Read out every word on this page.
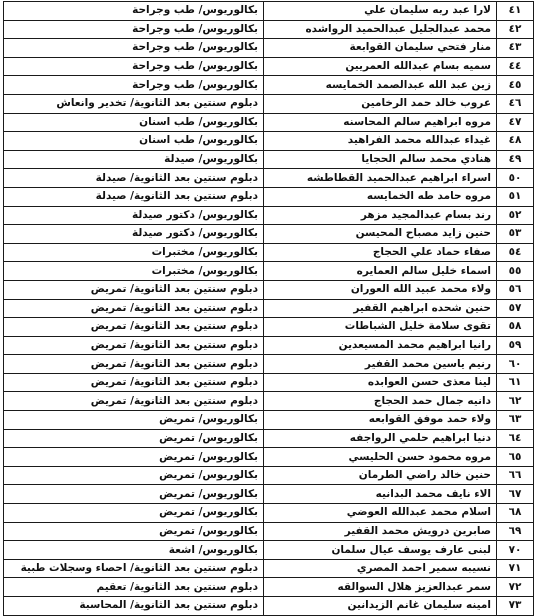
٤١	لارا عبد ربه سليمان علي	بكالوريوس/ طب وجراحة
٤٢	محمد عبدالجليل عبدالحميد الرواشده	بكالوريوس/ طب وجراحة
٤٣	منار فتحي سليمان القوابعة	بكالوريوس/ طب وجراحة
٤٤	سميه بسام عبدالله العمريين	بكالوريوس/ طب وجراحة
٤٥	زين عبد الله عبدالصمد الخمايسه	بكالوريوس/ طب وجراحة
٤٦	عروب خالد حمد الرخامين	دبلوم سنتين بعد الثانوية/ تخدير وانعاش
٤٧	مروه ابراهيم سالم المحاسنه	بكالوريوس/ طب اسنان
٤٨	غيداء عبدالله محمد الفراهيد	بكالوريوس/ طب اسنان
٤٩	هنادي محمد سالم الحجايا	بكالوريوس/ صيدلة
٥٠	اسراء ابراهيم عبدالحميد القطاطشه	دبلوم سنتين بعد الثانوية/ صيدلة
٥١	مروه حامد طه الخمايسه	دبلوم سنتين بعد الثانوية/ صيدلة
٥٢	رند بسام عبدالمجيد مزهر	بكالوريوس/ دكتور صيدلة
٥٣	حنين زايد مصباح المحيسن	بكالوريوس/ دكتور صيدلة
٥٤	صفاء حماد علي الحجاج	بكالوريوس/ مختبرات
٥٥	اسماء خليل سالم العمايره	بكالوريوس/ مختبرات
٥٦	ولاء محمد عبيد الله العوران	دبلوم سنتين بعد الثانوية/ تمريض
٥٧	حنين شحده ابراهيم القفير	دبلوم سنتين بعد الثانوية/ تمريض
٥٨	تقوى سلامة خليل الشباطات	دبلوم سنتين بعد الثانوية/ تمريض
٥٩	رانيا ابراهيم محمد المسيعدين	دبلوم سنتين بعد الثانوية/ تمريض
٦٠	رنيم ياسين محمد القفير	دبلوم سنتين بعد الثانوية/ تمريض
٦١	لينا معذى حسن العوابده	دبلوم سنتين بعد الثانوية/ تمريض
٦٢	دانيه جمال حمد الحجاج	دبلوم سنتين بعد الثانوية/ تمريض
٦٣	ولاء حمد موفق القوابعه	بكالوريوس/ تمريض
٦٤	دنيا ابراهيم حلمي الرواجفه	بكالوريوس/ تمريض
٦٥	مروه محمود حسن الحليسي	بكالوريوس/ تمريض
٦٦	حنين خالد راضي الطرمان	بكالوريوس/ تمريض
٦٧	الاء نايف محمد البدانيه	بكالوريوس/ تمريض
٦٨	اسلام محمد عبدالله العوضي	بكالوريوس/ تمريض
٦٩	صابرين درويش محمد القفير	بكالوريوس/ تمريض
٧٠	لبنى عارف يوسف عيال سلمان	بكالوريوس/ اشعة
٧١	نسيبه سمير احمد المصري	دبلوم سنتين بعد الثانوية/ احصاء وسجلات طبية
٧٢	سمر عبدالعزيز هلال السوالقه	دبلوم سنتين بعد الثانوية/ تعقيم
٧٣	امينه سليمان غانم الزيدانين	دبلوم سنتين بعد الثانوية/ المحاسبة
